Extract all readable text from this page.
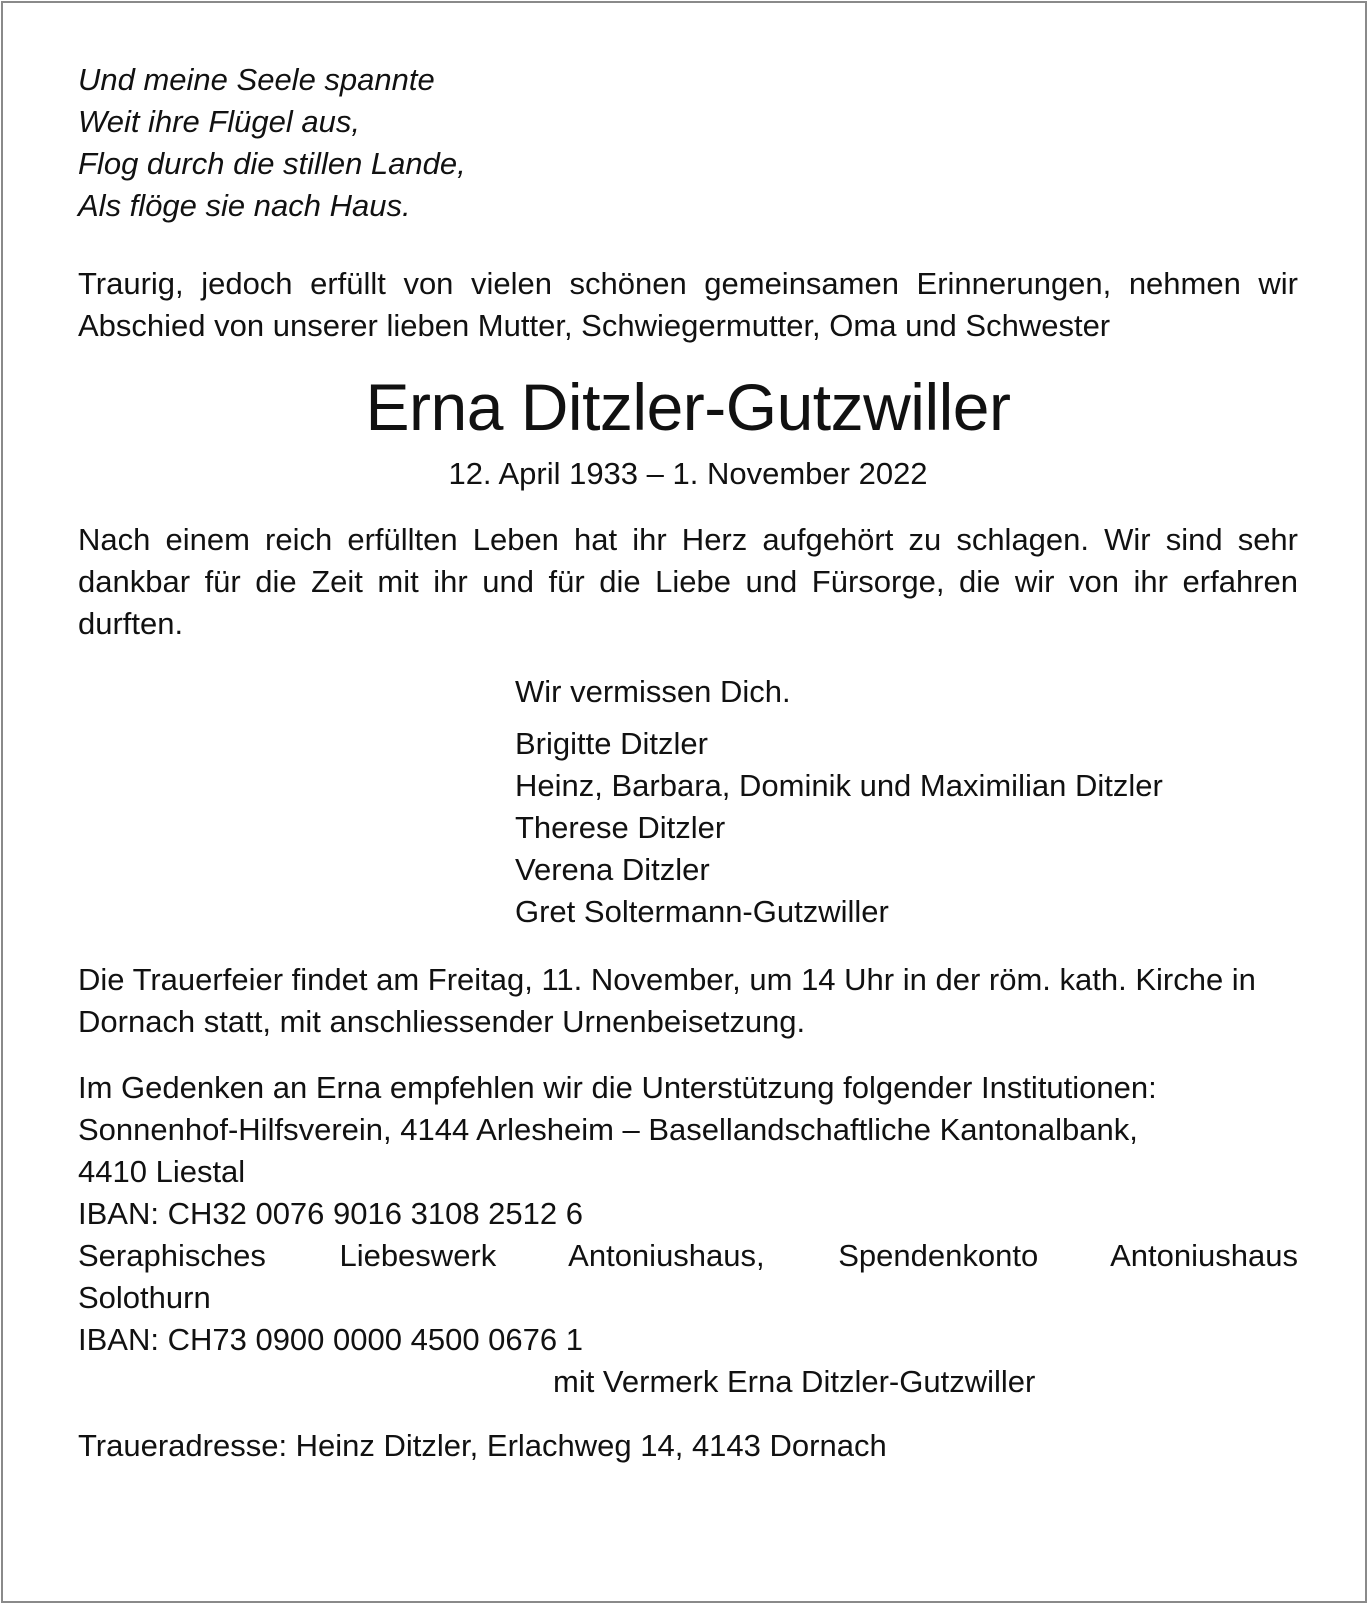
Und meine Seele spannte
Weit ihre Flügel aus,
Flog durch die stillen Lande,
Als flöge sie nach Haus.
Traurig, jedoch erfüllt von vielen schönen gemeinsamen Erinnerungen, nehmen wir Abschied von unserer lieben Mutter, Schwiegermutter, Oma und Schwester
Erna Ditzler-Gutzwiller
12. April 1933 – 1. November 2022
Nach einem reich erfüllten Leben hat ihr Herz aufgehört zu schlagen. Wir sind sehr dankbar für die Zeit mit ihr und für die Liebe und Fürsorge, die wir von ihr erfahren durften.
Wir vermissen Dich.
Brigitte Ditzler
Heinz, Barbara, Dominik und Maximilian Ditzler
Therese Ditzler
Verena Ditzler
Gret Soltermann-Gutzwiller
Die Trauerfeier findet am Freitag, 11. November, um 14 Uhr in der röm. kath. Kirche in Dornach statt, mit anschliessender Urnenbeisetzung.
Im Gedenken an Erna empfehlen wir die Unterstützung folgender Institutionen:
Sonnenhof-Hilfsverein, 4144 Arlesheim – Basellandschaftliche Kantonalbank,
4410 Liestal
IBAN: CH32 0076 9016 3108 2512 6
Seraphisches Liebeswerk Antoniushaus, Spendenkonto Antoniushaus
Solothurn
IBAN: CH73 0900 0000 4500 0676 1
mit Vermerk Erna Ditzler-Gutzwiller
Traueradresse: Heinz Ditzler, Erlachweg 14, 4143 Dornach
